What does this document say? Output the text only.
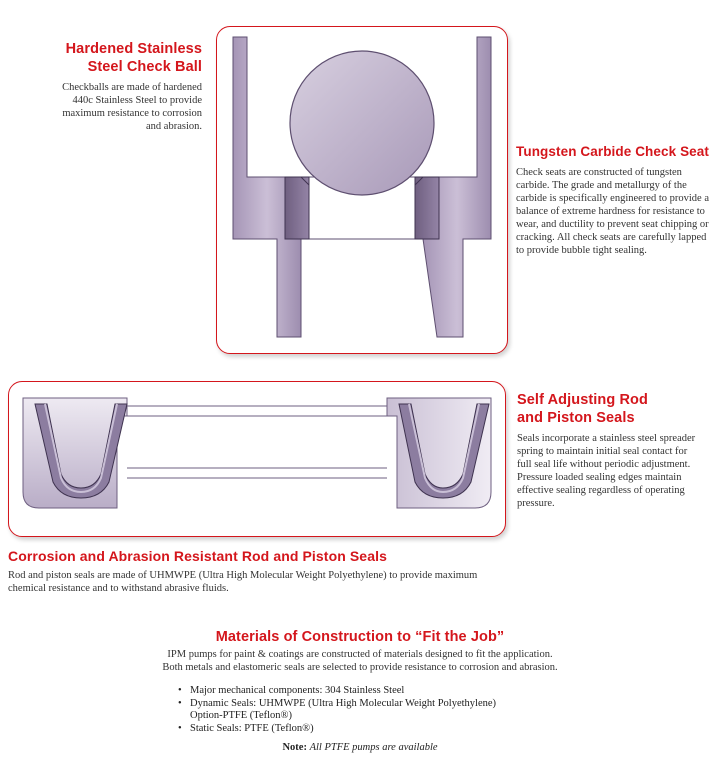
Hardened Stainless
Steel Check Ball
Checkballs are made of hardened 440c Stainless Steel to provide maximum resistance to corrosion and abrasion.
Tungsten Carbide Check Seat
Check seats are constructed of tungsten carbide. The grade and metallurgy of the carbide is specifically engineered to provide a balance of extreme hardness for resistance to wear, and ductility to prevent seat chipping or cracking. All check seats are carefully lapped to provide bubble tight sealing.
Self Adjusting Rod
and Piston Seals
Seals incorporate a stainless steel spreader spring to maintain initial seal contact for full seal life without periodic adjustment. Pressure loaded sealing edges maintain effective sealing regardless of operating pressure.
Corrosion and Abrasion Resistant Rod and Piston Seals
Rod and piston seals are made of UHMWPE (Ultra High Molecular Weight Polyethylene) to provide maximum chemical resistance and to withstand abrasive fluids.
Materials of Construction to “Fit the Job”
IPM pumps for paint & coatings are constructed of materials designed to fit the application.
Both metals and elastomeric seals are selected to provide resistance to corrosion and abrasion.
• Major mechanical components: 304 Stainless Steel
• Dynamic Seals: UHMWPE (Ultra High Molecular Weight Polyethylene)
Option-PTFE (Teflon®)
• Static Seals: PTFE (Teflon®)
Note: All PTFE pumps are available
